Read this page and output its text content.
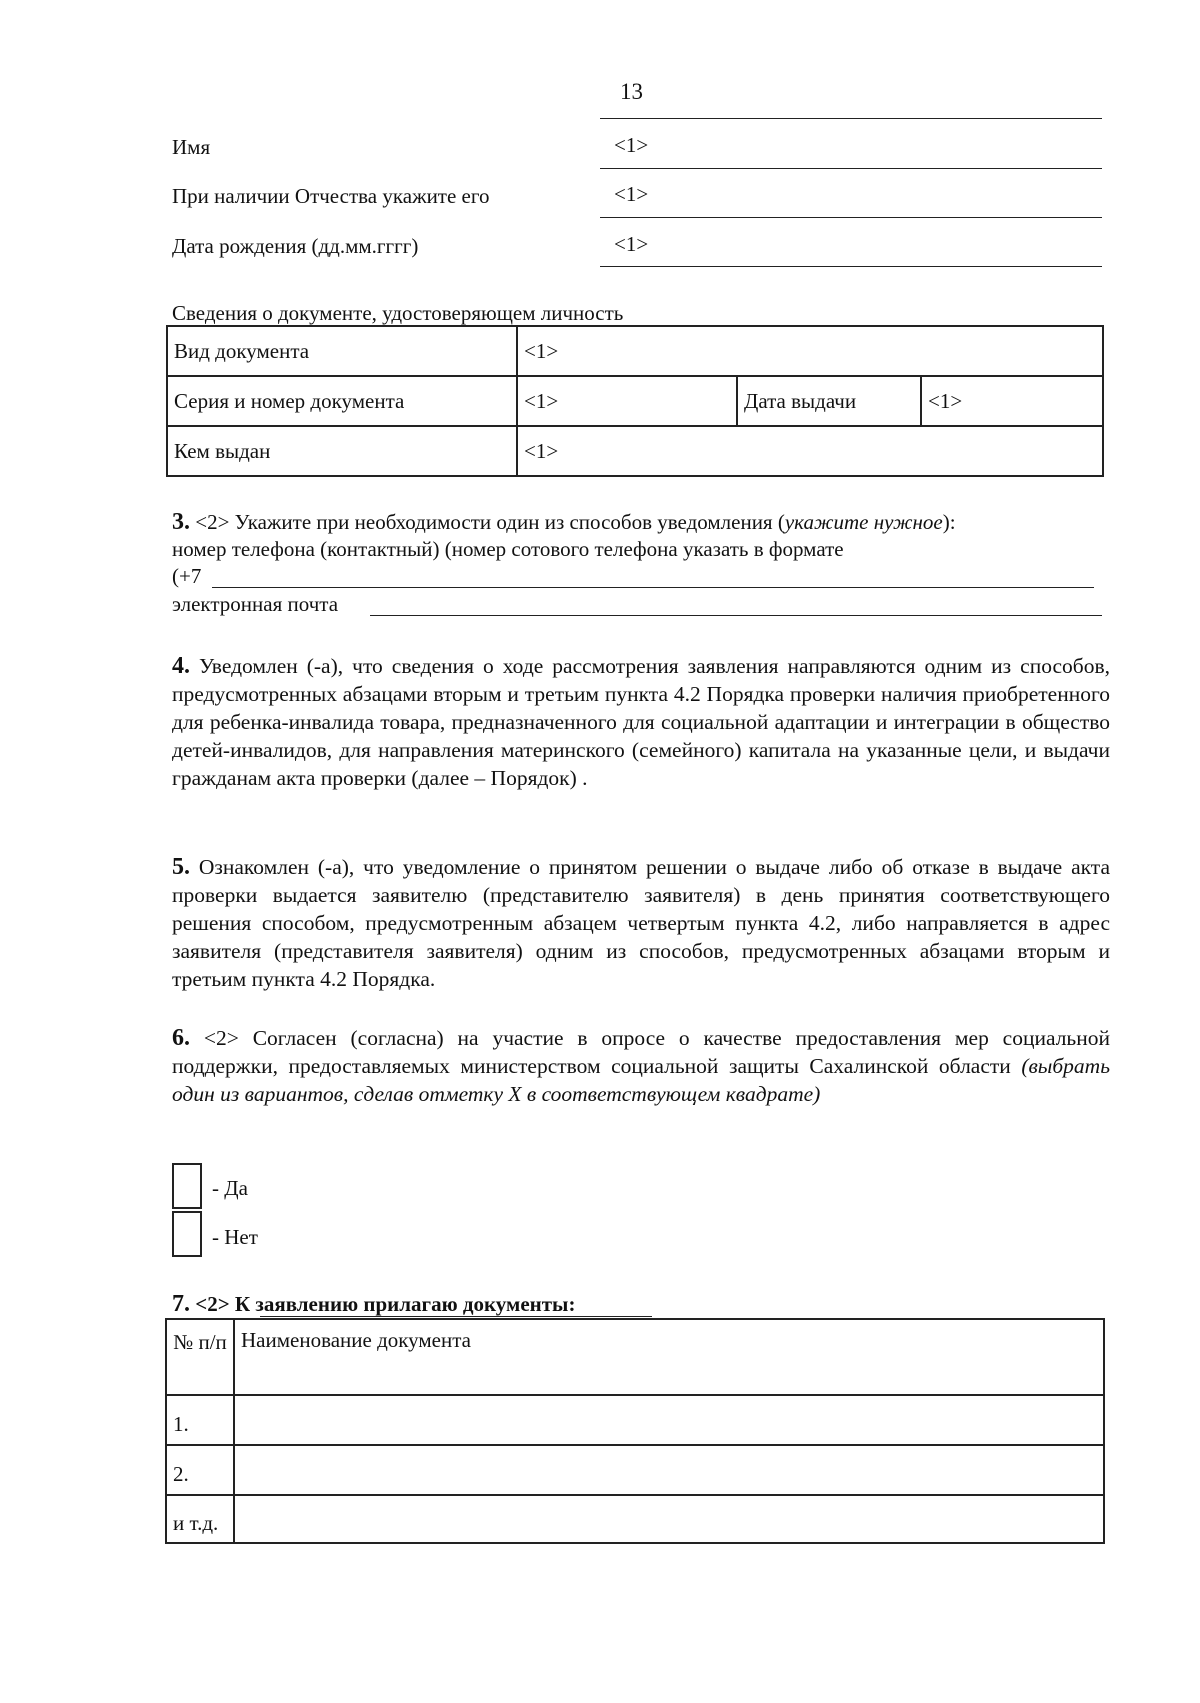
13
Имя	<1>
При наличии Отчества укажите его	<1>
Дата рождения (дд.мм.гггг)	<1>
Сведения о документе, удостоверяющем личность
Вид документа	<1>		
Серия и номер документа	<1>	Дата выдачи	<1>
Кем выдан	<1>		
3. <2> Укажите при необходимости один из способов уведомления (укажите нужное):
номер телефона (контактный) (номер сотового телефона указать в формате
(+7
электронная почта
4. Уведомлен (-а), что сведения о ходе рассмотрения заявления направляются одним из способов, предусмотренных абзацами вторым и третьим пункта 4.2 Порядка проверки наличия приобретенного для ребенка-инвалида товара, предназначенного для социальной адаптации и интеграции в общество детей-инвалидов, для направления материнского (семейного) капитала на указанные цели, и выдачи гражданам акта проверки (далее – Порядок) .
5. Ознакомлен (-а), что уведомление о принятом решении о выдаче либо об отказе в выдаче акта проверки выдается заявителю (представителю заявителя) в день принятия соответствующего решения способом, предусмотренным абзацем четвертым пункта 4.2, либо направляется в адрес заявителя (представителя заявителя) одним из способов, предусмотренных абзацами вторым и третьим пункта 4.2 Порядка.
6. <2> Согласен (согласна) на участие в опросе о качестве предоставления мер социальной поддержки, предоставляемых министерством социальной защиты Сахалинской области (выбрать один из вариантов, сделав отметку X в соответствующем квадрате)
- Да
- Нет
7. <2> К заявлению прилагаю документы:
№ п/п	Наименование документа
1.	
2.	
и т.д.	
